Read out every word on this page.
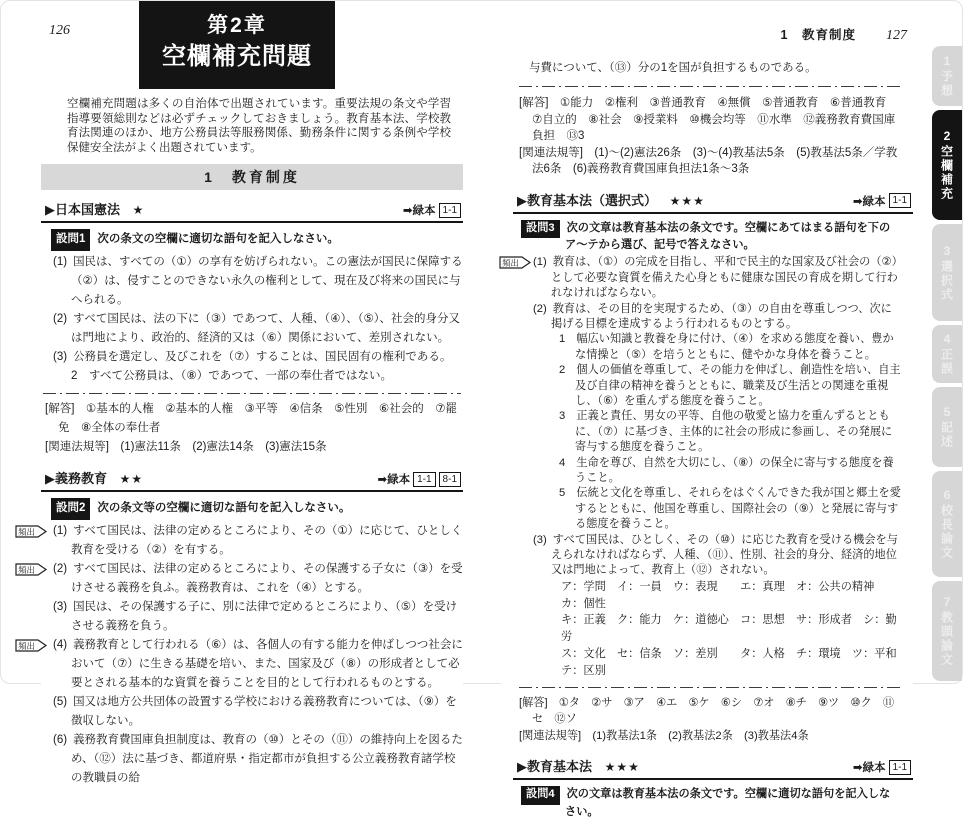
126	第2章
空欄補充問題
空欄補充問題は多くの自治体で出題されています。重要法規の条文や学習指導要領総則などは必ずチェックしておきましょう。教育基本法、学校教育法関連のほか、地方公務員法等服務関係、勤務条件に関する条例や学校保健安全法がよく出題されています。
1　教育制度
▶日本国憲法 ★	➡緑本 1-1
設問1 次の条文の空欄に適切な語句を記入しなさい。
(1) 国民は、すべての（①）の享有を妨げられない。この憲法が国民に保障する（②）は、侵すことのできない永久の権利として、現在及び将来の国民に与へられる。
(2) すべて国民は、法の下に（③）であつて、人種、（④）、（⑤）、社会的身分又は門地により、政治的、経済的又は（⑥）関係において、差別されない。
(3) 公務員を選定し、及びこれを（⑦）することは、国民固有の権利である。
2　すべて公務員は、（⑧）であつて、一部の奉仕者ではない。
[解答]　①基本的人権　②基本的人権　③平等　④信条　⑤性別　⑥社会的　⑦罷免　⑧全体の奉仕者
[関連法規等]　(1)憲法11条　(2)憲法14条　(3)憲法15条
▶義務教育 ★★	➡緑本 1-1	8-1
設問2 次の条文等の空欄に適切な語句を記入しなさい。
頻出 (1) すべて国民は、法律の定めるところにより、その（①）に応じて、ひとしく教育を受ける（②）を有する。
頻出 (2) すべて国民は、法律の定めるところにより、その保護する子女に（③）を受けさせる義務を負ふ。義務教育は、これを（④）とする。
(3) 国民は、その保護する子に、別に法律で定めるところにより、（⑤）を受けさせる義務を負う。
頻出 (4) 義務教育として行われる（⑥）は、各個人の有する能力を伸ばしつつ社会において（⑦）に生きる基礎を培い、また、国家及び（⑧）の形成者として必要とされる基本的な資質を養うことを目的として行われるものとする。
(5) 国又は地方公共団体の設置する学校における義務教育については、（⑨）を徴収しない。
(6) 義務教育費国庫負担制度は、教育の（⑩）とその（⑪）の維持向上を図るため、（⑫）法に基づき、都道府県・指定都市が負担する公立義務教育諸学校の教職員の給
1　教育制度 127
与費について、（⑬）分の1を国が負担するものである。
[解答]　①能力　②権利　③普通教育　④無償　⑤普通教育　⑥普通教育　⑦自立的　⑧社会　⑨授業料　⑩機会均等　⑪水準　⑫義務教育費国庫負担　⑬3
[関連法規等]　(1)～(2)憲法26条　(3)～(4)教基法5条　(5)教基法5条／学教法6条　(6)義務教育費国庫負担法1条～3条
▶教育基本法（選択式） ★★★	➡緑本 1-1
設問3 次の文章は教育基本法の条文です。空欄にあてはまる語句を下のア～テから選び、記号で答えなさい。
頻出 (1) 教育は、（①）の完成を目指し、平和で民主的な国家及び社会の（②）として必要な資質を備えた心身ともに健康な国民の育成を期して行われなければならない。
(2) 教育は、その目的を実現するため、（③）の自由を尊重しつつ、次に掲げる目標を達成するよう行われるものとする。
1　幅広い知識と教養を身に付け、（④）を求める態度を養い、豊かな情操と（⑤）を培うとともに、健やかな身体を養うこと。
2　個人の価値を尊重して、その能力を伸ばし、創造性を培い、自主及び自律の精神を養うとともに、職業及び生活との関連を重視し、（⑥）を重んずる態度を養うこと。
3　正義と責任、男女の平等、自他の敬愛と協力を重んずるとともに、（⑦）に基づき、主体的に社会の形成に参画し、その発展に寄与する態度を養うこと。
4　生命を尊び、自然を大切にし、（⑧）の保全に寄与する態度を養うこと。
5　伝統と文化を尊重し、それらをはぐくんできた我が国と郷土を愛するとともに、他国を尊重し、国際社会の（⑨）と発展に寄与する態度を養うこと。
(3) すべて国民は、ひとしく、その（⑩）に応じた教育を受ける機会を与えられなければならず、人種、（⑪）、性別、社会的身分、経済的地位又は門地によって、教育上（⑫）されない。
ア：学問　イ：一員　ウ：表現　　エ：真理　オ：公共の精神　カ：個性
キ：正義　ク：能力　ケ：道徳心　コ：思想　サ：形成者　シ：勤労
ス：文化　セ：信条　ソ：差別　　タ：人格　チ：環境　ツ：平和　テ：区別
[解答]　①タ　②サ　③ア　④エ　⑤ケ　⑥シ　⑦オ　⑧チ　⑨ツ　⑩ク　⑪セ　⑫ソ
[関連法規等]　(1)教基法1条　(2)教基法2条　(3)教基法4条
▶教育基本法 ★★★	➡緑本 1-1
設問4 次の文章は教育基本法の条文です。空欄に適切な語句を記入しなさい。
1
予想
2
空欄補充
3
選択式
4
正誤
5
記述
6
校長論文
7
教頭論文
